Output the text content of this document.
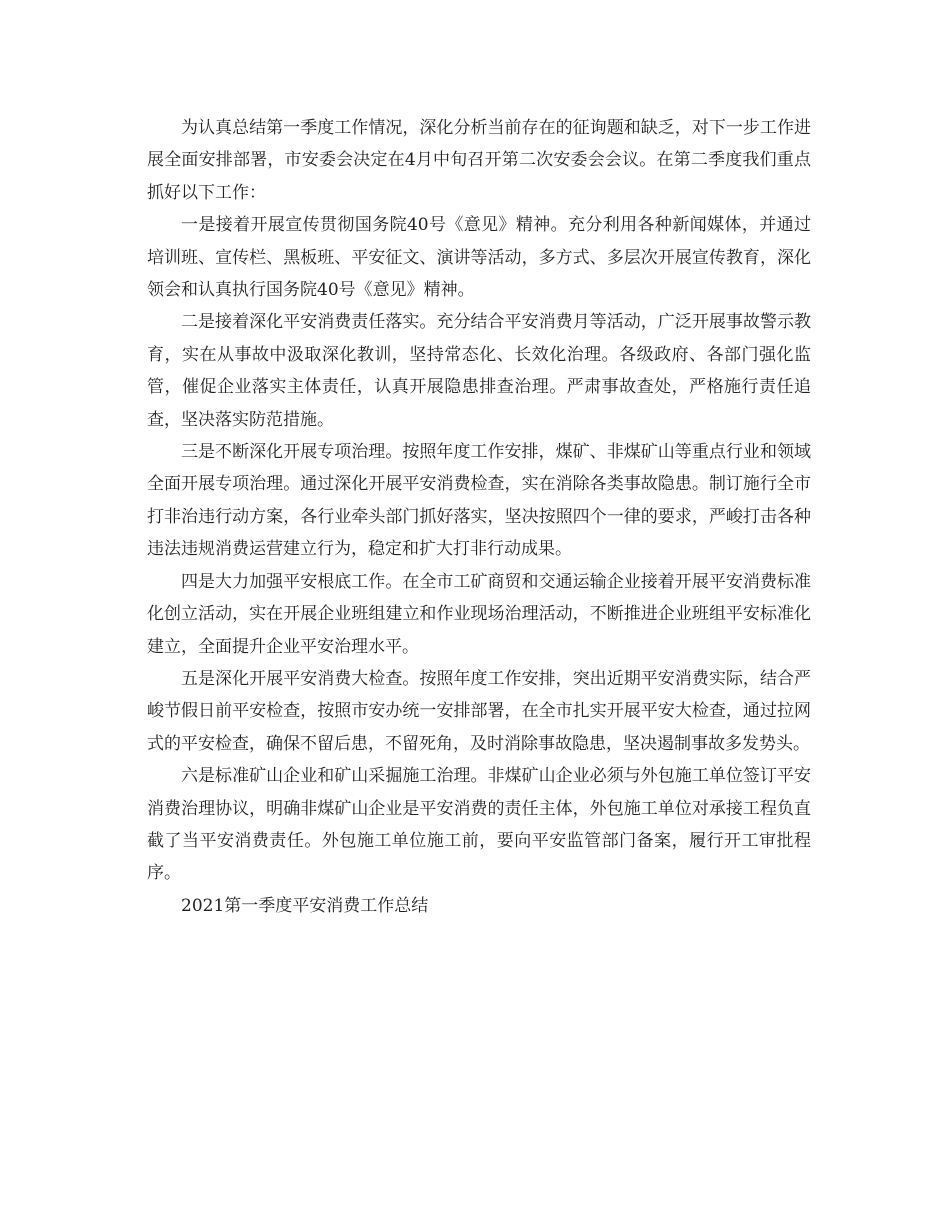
为认真总结第一季度工作情况，深化分析当前存在的征询题和缺乏，对下一步工作进展全面安排部署，市安委会决定在4月中旬召开第二次安委会会议。在第二季度我们重点抓好以下工作：

一是接着开展宣传贯彻国务院40号《意见》精神。充分利用各种新闻媒体，并通过培训班、宣传栏、黑板班、平安征文、演讲等活动，多方式、多层次开展宣传教育，深化领会和认真执行国务院40号《意见》精神。

二是接着深化平安消费责任落实。充分结合平安消费月等活动，广泛开展事故警示教育，实在从事故中汲取深化教训，坚持常态化、长效化治理。各级政府、各部门强化监管，催促企业落实主体责任，认真开展隐患排查治理。严肃事故查处，严格施行责任追查，坚决落实防范措施。

三是不断深化开展专项治理。按照年度工作安排，煤矿、非煤矿山等重点行业和领域全面开展专项治理。通过深化开展平安消费检查，实在消除各类事故隐患。制订施行全市打非治违行动方案，各行业牵头部门抓好落实，坚决按照四个一律的要求，严峻打击各种违法违规消费运营建立行为，稳定和扩大打非行动成果。

四是大力加强平安根底工作。在全市工矿商贸和交通运输企业接着开展平安消费标准化创立活动，实在开展企业班组建立和作业现场治理活动，不断推进企业班组平安标准化建立，全面提升企业平安治理水平。

五是深化开展平安消费大检查。按照年度工作安排，突出近期平安消费实际，结合严峻节假日前平安检查，按照市安办统一安排部署，在全市扎实开展平安大检查，通过拉网式的平安检查，确保不留后患，不留死角，及时消除事故隐患，坚决遏制事故多发势头。

六是标准矿山企业和矿山采掘施工治理。非煤矿山企业必须与外包施工单位签订平安消费治理协议，明确非煤矿山企业是平安消费的责任主体，外包施工单位对承接工程负直截了当平安消费责任。外包施工单位施工前，要向平安监管部门备案，履行开工审批程序。

2021第一季度平安消费工作总结
